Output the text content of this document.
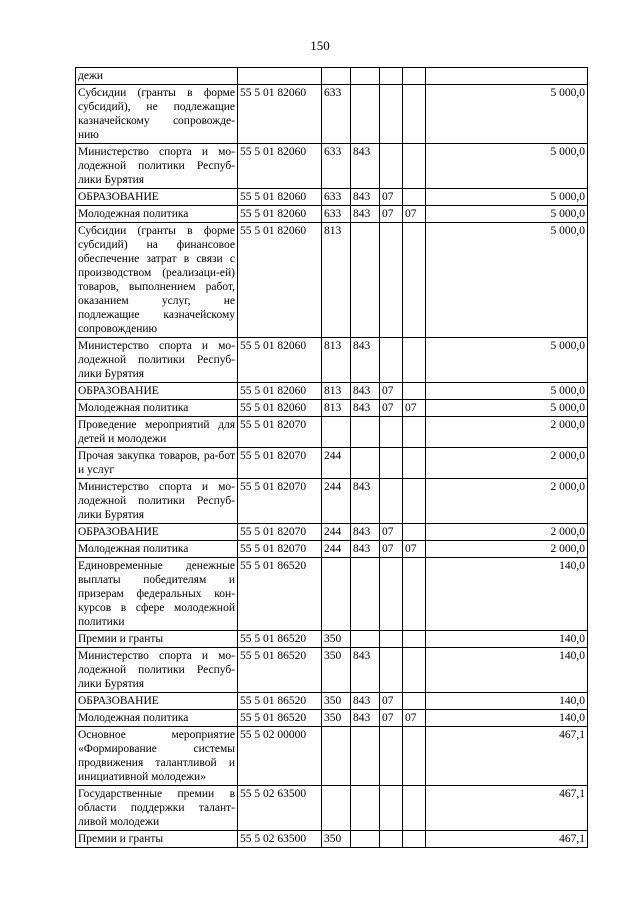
150
дежи						
Субсидии (гранты в форме субсидий), не подлежащие казначейскому сопровожде-нию	55 5 01 82060	633				5 000,0
Министерство спорта и мо-лодежной политики Респуб-лики Бурятия	55 5 01 82060	633	843			5 000,0
ОБРАЗОВАНИЕ	55 5 01 82060	633	843	07		5 000,0
Молодежная политика	55 5 01 82060	633	843	07	07	5 000,0
Субсидии (гранты в форме субсидий) на финансовое обеспечение затрат в связи с производством (реализаци-ей) товаров, выполнением работ, оказанием услуг, не подлежащие казначейскому сопровождению	55 5 01 82060	813				5 000,0
Министерство спорта и мо-лодежной политики Респуб-лики Бурятия	55 5 01 82060	813	843			5 000,0
ОБРАЗОВАНИЕ	55 5 01 82060	813	843	07		5 000,0
Молодежная политика	55 5 01 82060	813	843	07	07	5 000,0
Проведение мероприятий для детей и молодежи	55 5 01 82070					2 000,0
Прочая закупка товаров, ра-бот и услуг	55 5 01 82070	244				2 000,0
Министерство спорта и мо-лодежной политики Респуб-лики Бурятия	55 5 01 82070	244	843			2 000,0
ОБРАЗОВАНИЕ	55 5 01 82070	244	843	07		2 000,0
Молодежная политика	55 5 01 82070	244	843	07	07	2 000,0
Единовременные денежные выплаты победителям и призерам федеральных кон-курсов в сфере молодежной политики	55 5 01 86520					140,0
Премии и гранты	55 5 01 86520	350				140,0
Министерство спорта и мо-лодежной политики Респуб-лики Бурятия	55 5 01 86520	350	843			140,0
ОБРАЗОВАНИЕ	55 5 01 86520	350	843	07		140,0
Молодежная политика	55 5 01 86520	350	843	07	07	140,0
Основное мероприятие «Формирование системы продвижения талантливой и инициативной молодежи»	55 5 02 00000					467,1
Государственные премии в области поддержки талант-ливой молодежи	55 5 02 63500					467,1
Премии и гранты	55 5 02 63500	350				467,1
